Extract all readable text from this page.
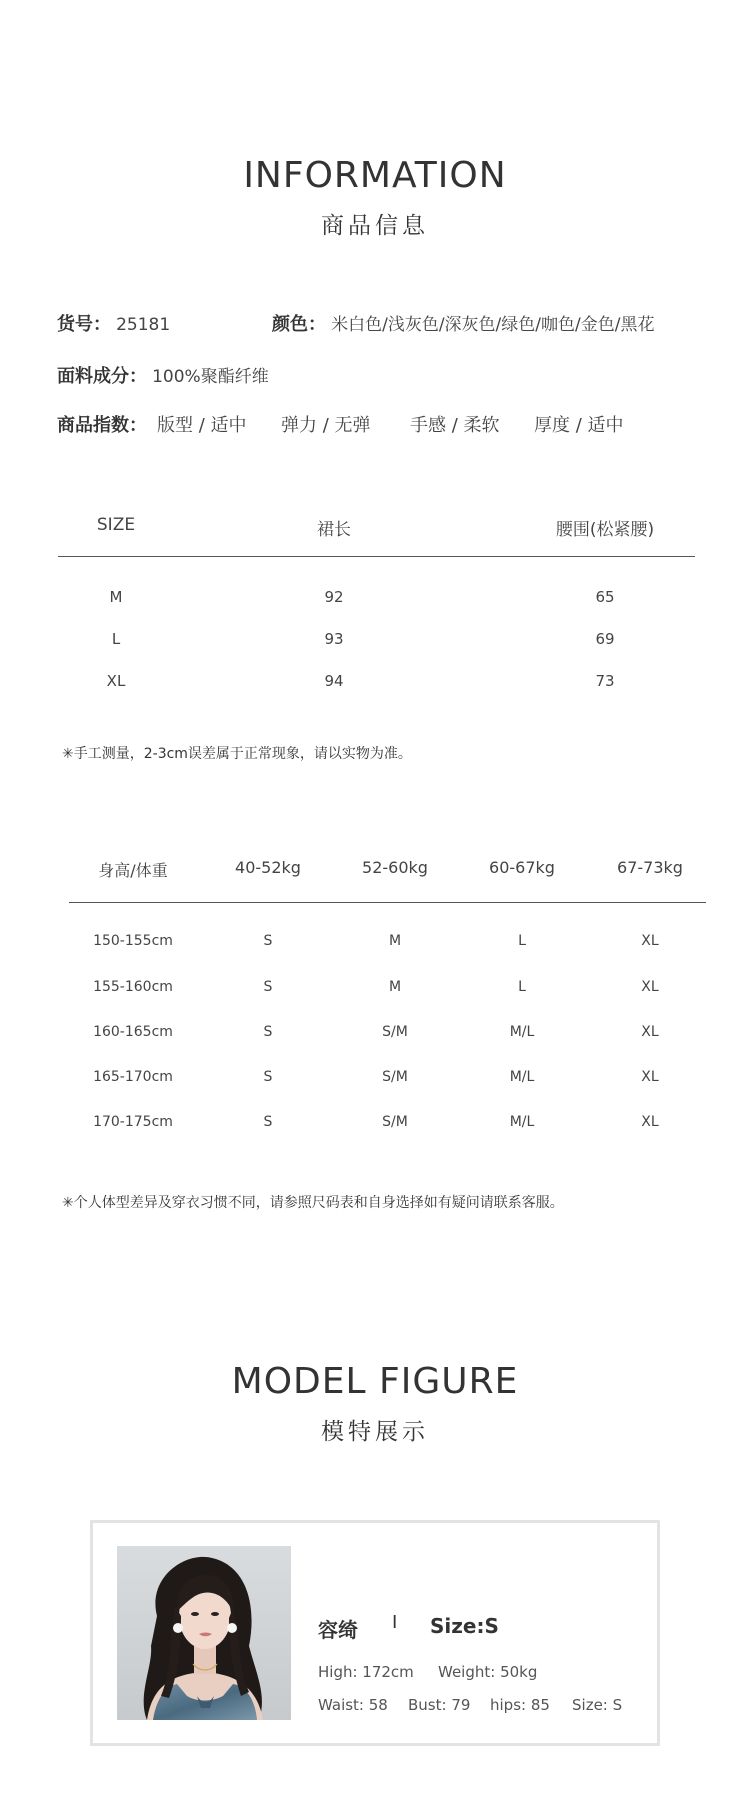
INFORMATION
商品信息
货号： 25181	颜色： 米白色/浅灰色/深灰色/绿色/咖色/金色/黑花
面料成分： 100%聚酯纤维
商品指数： 版型 / 适中 弹力 / 无弹 手感 / 柔软 厚度 / 适中
SIZE	裙长	腰围(松紧腰)
M	92	65
L	93	69
XL	94	73
✳手工测量，2-3cm误差属于正常现象，请以实物为准。
身高/体重	40-52kg	52-60kg	60-67kg	67-73kg
150-155cm	S	M	L	XL
155-160cm	S	M	L	XL
160-165cm	S	S/M	M/L	XL
165-170cm	S	S/M	M/L	XL
170-175cm	S	S/M	M/L	XL
✳个人体型差异及穿衣习惯不同，请参照尺码表和自身选择如有疑问请联系客服。
MODEL FIGURE
模特展示
容绮 I Size:S
High: 172cm Weight: 50kg
Waist: 58 Bust: 79 hips: 85 Size: S
